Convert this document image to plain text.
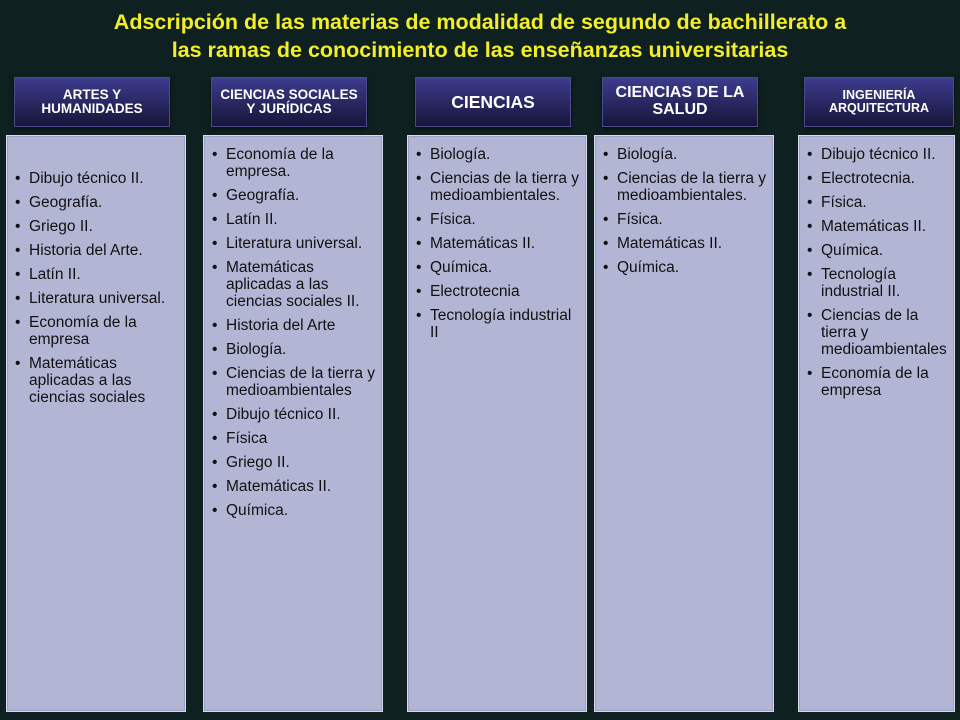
Adscripción de las materias de modalidad de segundo de bachillerato a
las ramas de conocimiento de las enseñanzas universitarias
ARTES Y HUMANIDADES
• Dibujo técnico II.
• Geografía.
• Griego II.
• Historia del Arte.
• Latín II.
• Literatura universal.
• Economía de la empresa
• Matemáticas aplicadas a las ciencias sociales
CIENCIAS SOCIALES Y JURÍDICAS
• Economía de la empresa.
• Geografía.
• Latín II.
• Literatura universal.
• Matemáticas aplicadas a las ciencias sociales II.
• Historia del Arte
• Biología.
• Ciencias de la tierra y medioambientales
• Dibujo técnico II.
• Física
• Griego II.
• Matemáticas II.
• Química.
CIENCIAS
• Biología.
• Ciencias de la tierra y medioambientales.
• Física.
• Matemáticas II.
• Química.
• Electrotecnia
• Tecnología industrial II
CIENCIAS DE LA SALUD
• Biología.
• Ciencias de la tierra y medioambientales.
• Física.
• Matemáticas II.
• Química.
INGENIERÍA ARQUITECTURA
• Dibujo técnico II.
• Electrotecnia.
• Física.
• Matemáticas II.
• Química.
• Tecnología industrial II.
• Ciencias de la tierra y medioambientales
• Economía de la empresa
